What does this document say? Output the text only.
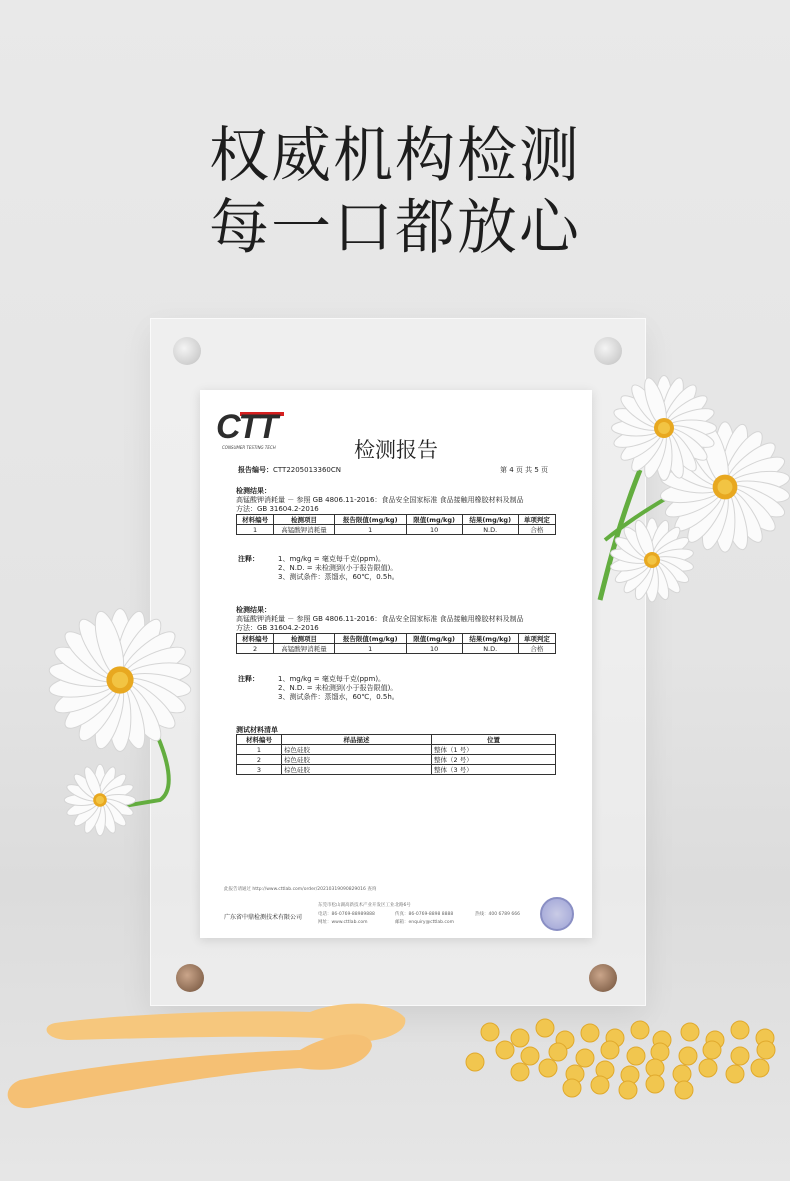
权威机构检测
每一口都放心
CTT
CONSUMER TESTING TECH	检测报告
报告编号：CTT2205013360CN	第 4 页 共 5 页
检测结果：
高锰酸钾消耗量 － 参照 GB 4806.11-2016：食品安全国家标准 食品接触用橡胶材料及制品
方法：GB 31604.2-2016
材料编号	检测项目	报告限值(mg/kg)	限值(mg/kg)	结果(mg/kg)	单项判定
1	高锰酸钾消耗量	1	10	N.D.	合格
注释：	1、mg/kg = 毫克每千克(ppm)。
2、N.D. = 未检测到(小于报告限值)。
3、测试条件：蒸馏水，60℃，0.5h。
检测结果：
高锰酸钾消耗量 － 参照 GB 4806.11-2016：食品安全国家标准 食品接触用橡胶材料及制品
方法：GB 31604.2-2016
材料编号	检测项目	报告限值(mg/kg)	限值(mg/kg)	结果(mg/kg)	单项判定
2	高锰酸钾消耗量	1	10	N.D.	合格
注释：	1、mg/kg = 毫克每千克(ppm)。
2、N.D. = 未检测到(小于报告限值)。
3、测试条件：蒸馏水，60℃，0.5h。
测试材料清单
材料编号	样品描述	位置
1	棕色硅胶	整体（1 号）
2	棕色硅胶	整体（2 号）
3	棕色硅胶	整体（3 号）
此报告请通过 http://www.cttlab.com/order/20210319090829016 查询
东莞市松山湖高新技术产业开发区工业北路6号
广东省中鼎检测技术有限公司	电话：86-0769-88989888	传真：86-0769-8898 8888	热线：400 6789 666
网址：www.cttlab.com	邮箱：enquiry@cttlab.com
